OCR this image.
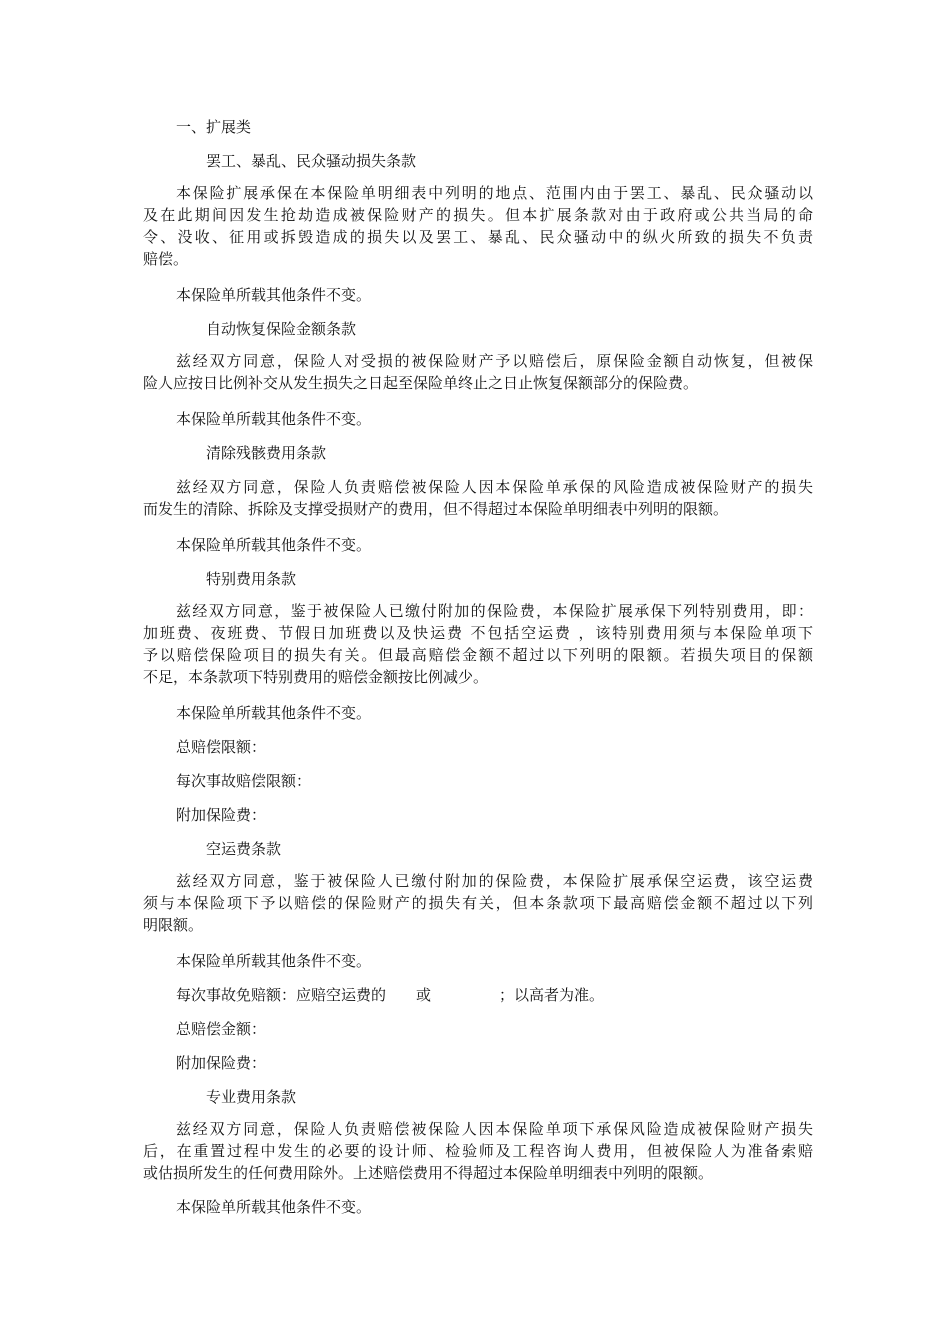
一、扩展类
罢工、暴乱、民众骚动损失条款
本保险扩展承保在本保险单明细表中列明的地点、范围内由于罢工、暴乱、民众骚动以
及在此期间因发生抢劫造成被保险财产的损失。但本扩展条款对由于政府或公共当局的命
令、没收、征用或拆毁造成的损失以及罢工、暴乱、民众骚动中的纵火所致的损失不负责
赔偿。
本保险单所载其他条件不变。
自动恢复保险金额条款
兹经双方同意，保险人对受损的被保险财产予以赔偿后，原保险金额自动恢复，但被保
险人应按日比例补交从发生损失之日起至保险单终止之日止恢复保额部分的保险费。
本保险单所载其他条件不变。
清除残骸费用条款
兹经双方同意，保险人负责赔偿被保险人因本保险单承保的风险造成被保险财产的损失
而发生的清除、拆除及支撑受损财产的费用，但不得超过本保险单明细表中列明的限额。
本保险单所载其他条件不变。
特别费用条款
兹经双方同意，鉴于被保险人已缴付附加的保险费，本保险扩展承保下列特别费用，即：
加班费、夜班费、节假日加班费以及快运费 不包括空运费 ，该特别费用须与本保险单项下
予以赔偿保险项目的损失有关。但最高赔偿金额不超过以下列明的限额。若损失项目的保额
不足，本条款项下特别费用的赔偿金额按比例减少。
本保险单所载其他条件不变。
总赔偿限额：
每次事故赔偿限额：
附加保险费：
空运费条款
兹经双方同意，鉴于被保险人已缴付附加的保险费，本保险扩展承保空运费，该空运费
须与本保险项下予以赔偿的保险财产的损失有关，但本条款项下最高赔偿金额不超过以下列
明限额。
本保险单所载其他条件不变。
每次事故免赔额：应赔空运费的 或	；以高者为准。
总赔偿金额：
附加保险费：
专业费用条款
兹经双方同意，保险人负责赔偿被保险人因本保险单项下承保风险造成被保险财产损失
后，在重置过程中发生的必要的设计师、检验师及工程咨询人费用，但被保险人为准备索赔
或估损所发生的任何费用除外。上述赔偿费用不得超过本保险单明细表中列明的限额。
本保险单所载其他条件不变。
